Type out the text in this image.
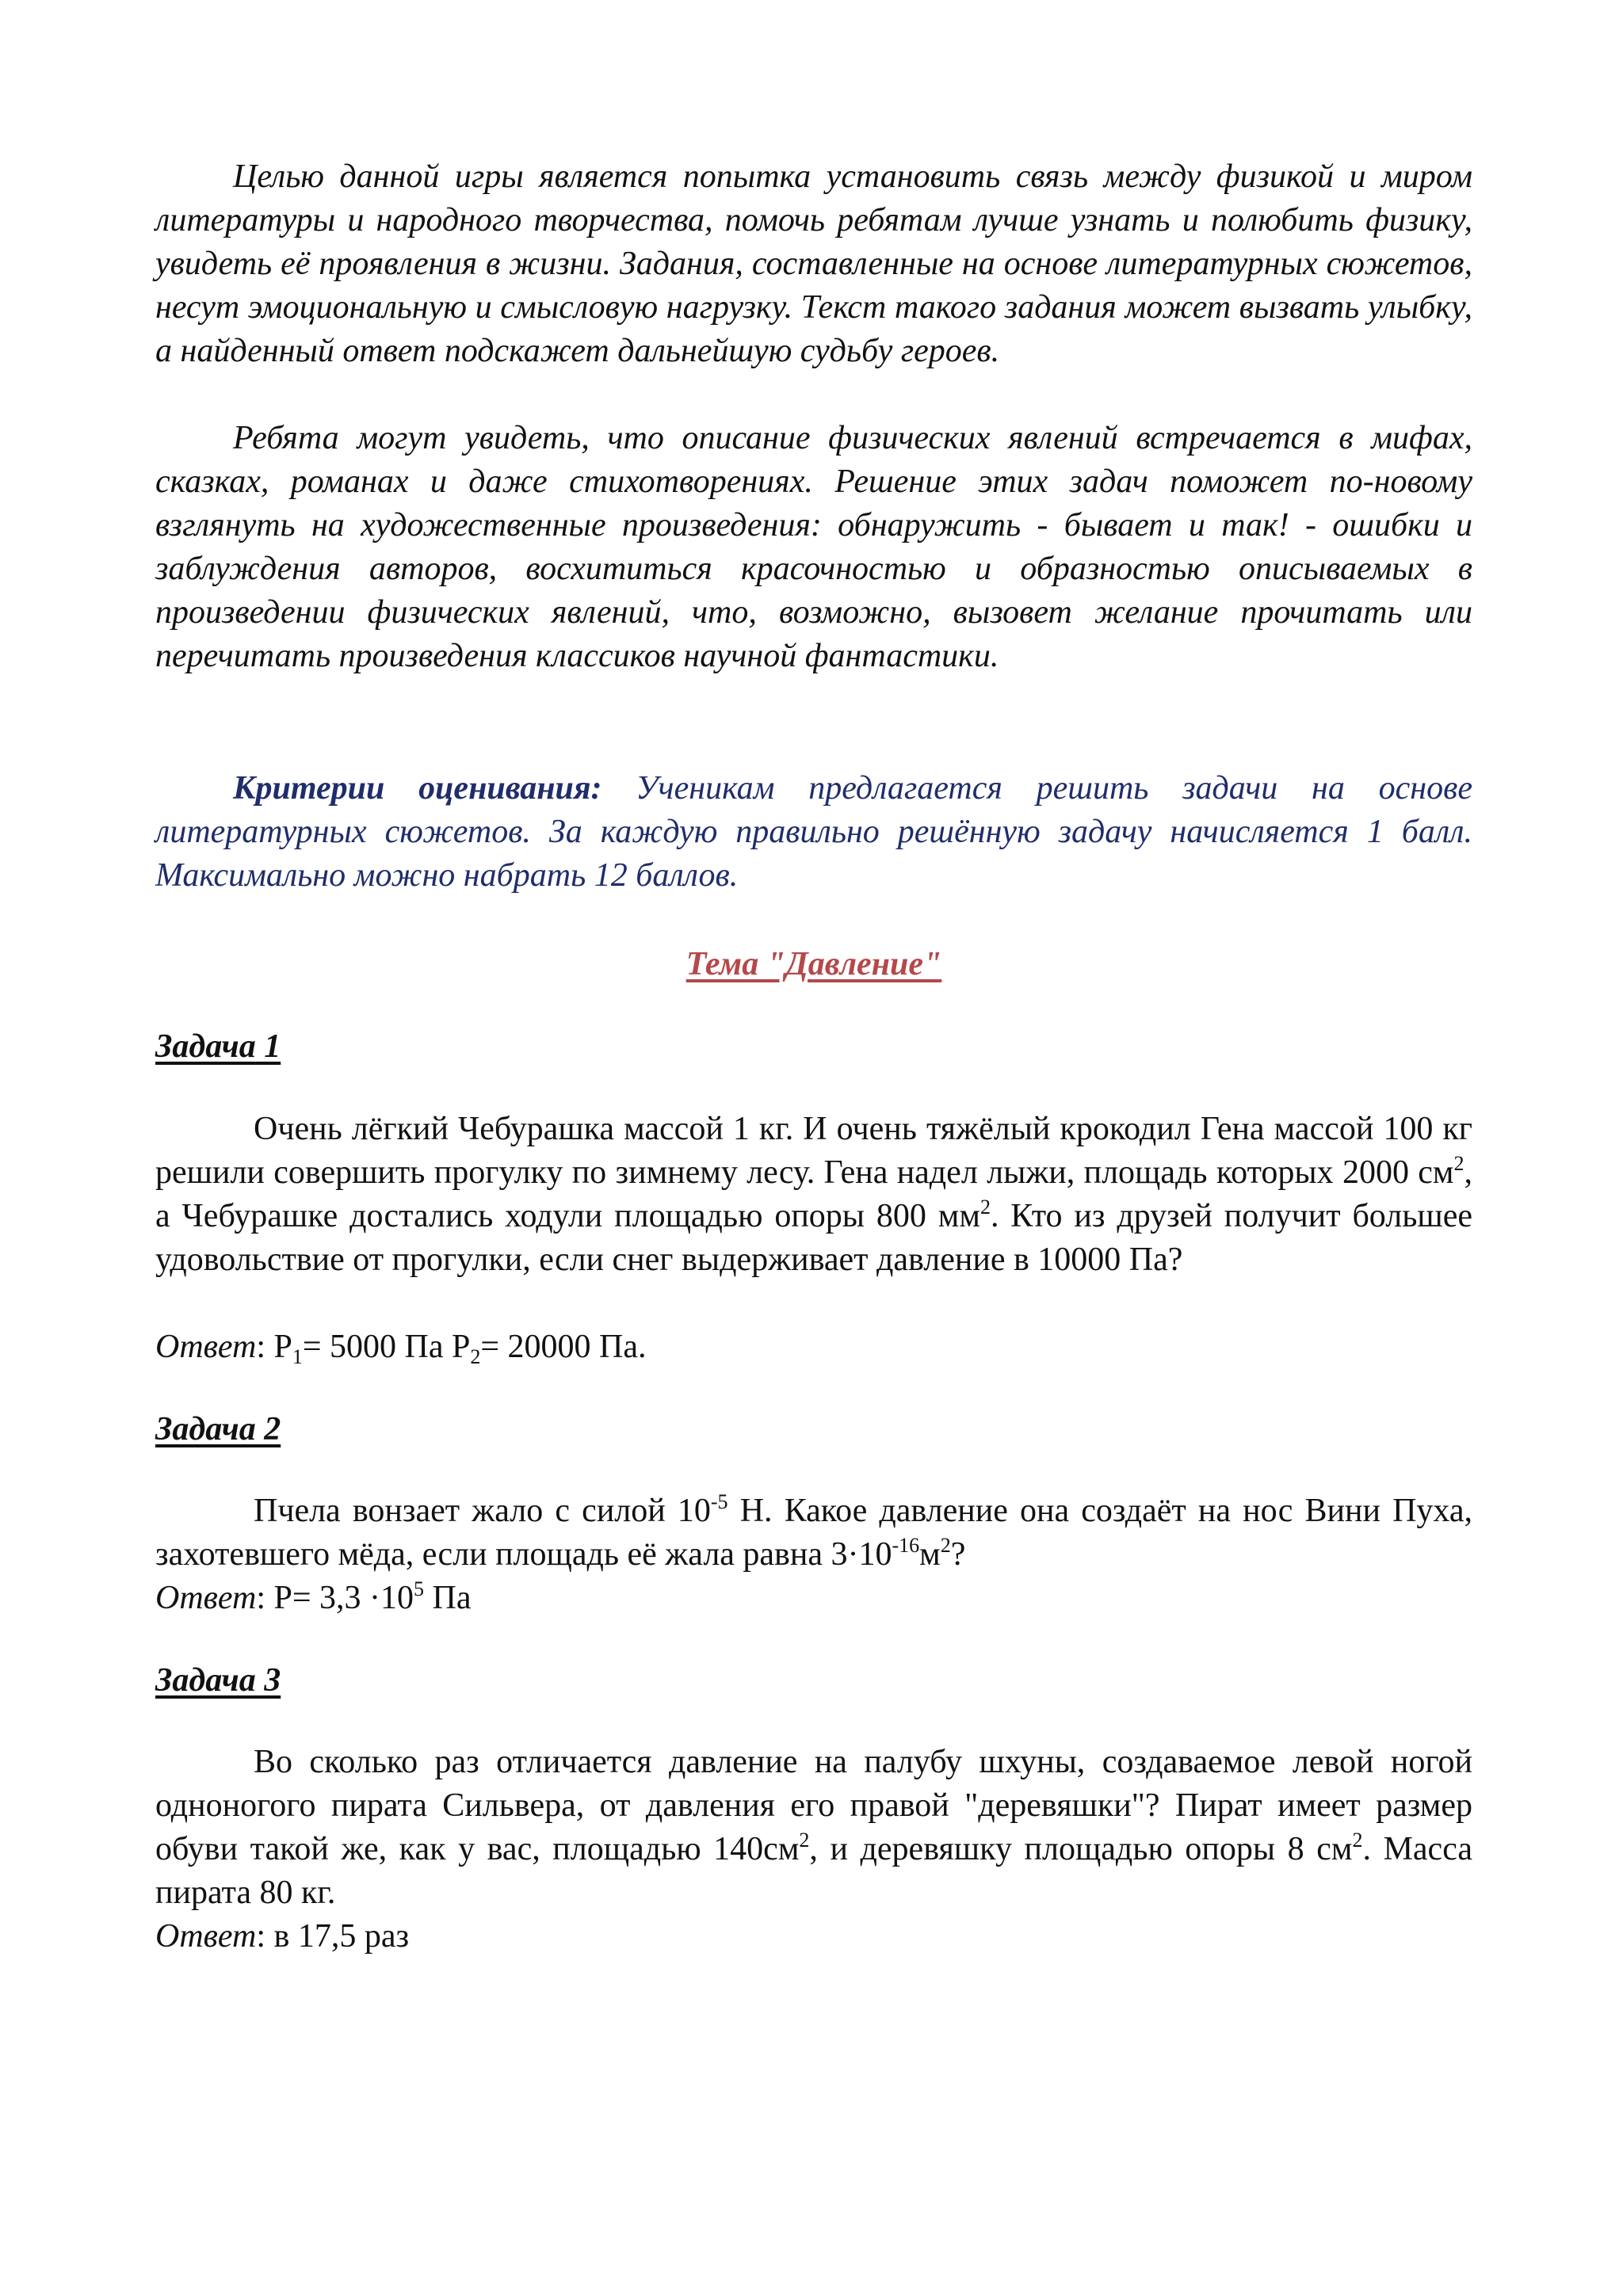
Целью данной игры является попытка установить связь между физикой и миром литературы и народного творчества, помочь ребятам лучше узнать и полюбить физику, увидеть её проявления в жизни. Задания, составленные на основе литературных сюжетов, несут эмоциональную и смысловую нагрузку. Текст такого задания может вызвать улыбку, а найденный ответ подскажет дальнейшую судьбу героев.

Ребята могут увидеть, что описание физических явлений встречается в мифах, сказках, романах и даже стихотворениях. Решение этих задач поможет по-новому взглянуть на художественные произведения: обнаружить - бывает и так! - ошибки и заблуждения авторов, восхититься красочностью и образностью описываемых в произведении физических явлений, что, возможно, вызовет желание прочитать или перечитать произведения классиков научной фантастики.

Критерии оценивания: Ученикам предлагается решить задачи на основе литературных сюжетов. За каждую правильно решённую задачу начисляется 1 балл. Максимально можно набрать 12 баллов.

Тема "Давление"
Задача 1

Очень лёгкий Чебурашка массой 1 кг. И очень тяжёлый крокодил Гена массой 100 кг решили совершить прогулку по зимнему лесу. Гена надел лыжи, площадь которых 2000 $см^2$, а Чебурашке достались ходули площадью опоры 800 $мм^2$. Кто из друзей получит большее удовольствие от прогулки, если снег выдерживает давление в 10000 Па?

Ответ: $P_1= 5000$ Па $P_2= 20000$ Па.

Задача 2

Пчела вонзает жало с силой $10^{-5}$ Н. Какое давление она создаёт на нос Вини Пуха, захотевшего мёда, если площадь её жала равна $3\cdot 10^{-16}м^2$?

Ответ: $P= 3,3 \cdot 10^5$ Па

Задача 3

Во сколько раз отличается давление на палубу шхуны, создаваемое левой ногой одноногого пирата Сильвера, от давления его правой "деревяшки"? Пират имеет размер обуви такой же, как у вас, площадью $140см^2$, и деревяшку площадью опоры 8 $см^2$. Масса пирата 80 кг.

Ответ: в 17,5 раз
